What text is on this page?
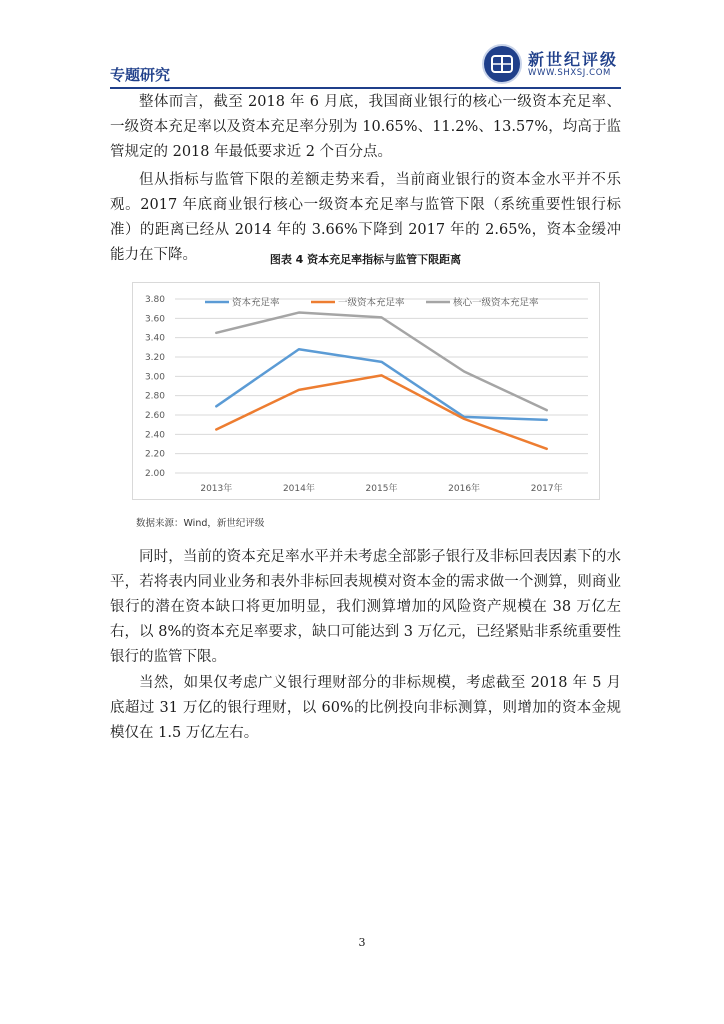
专题研究
新世纪评级
WWW.SHXSJ.COM

整体而言，截至 2018 年 6 月底，我国商业银行的核心一级资本充足率、一级资本充足率以及资本充足率分别为 10.65%、11.2%、13.57%，均高于监管规定的 2018 年最低要求近 2 个百分点。

但从指标与监管下限的差额走势来看，当前商业银行的资本金水平并不乐观。2017 年底商业银行核心一级资本充足率与监管下限（系统重要性银行标准）的距离已经从 2014 年的 3.66%下降到 2017 年的 2.65%，资本金缓冲能力在下降。	图表 4 资本充足率指标与监管下限距离
3.80
3.60
3.40
3.20
3.00
2.80
2.60
2.40
2.20
2.00
2013年	2014年	2015年	2016年	2017年
资本充足率	一级资本充足率	核心一级资本充足率
数据来源：Wind，新世纪评级

同时，当前的资本充足率水平并未考虑全部影子银行及非标回表因素下的水平，若将表内同业业务和表外非标回表规模对资本金的需求做一个测算，则商业银行的潜在资本缺口将更加明显，我们测算增加的风险资产规模在 38 万亿左右，以 8%的资本充足率要求，缺口可能达到 3 万亿元，已经紧贴非系统重要性银行的监管下限。

当然，如果仅考虑广义银行理财部分的非标规模，考虑截至 2018 年 5 月底超过 31 万亿的银行理财，以 60%的比例投向非标测算，则增加的资本金规模仅在 1.5 万亿左右。

3
